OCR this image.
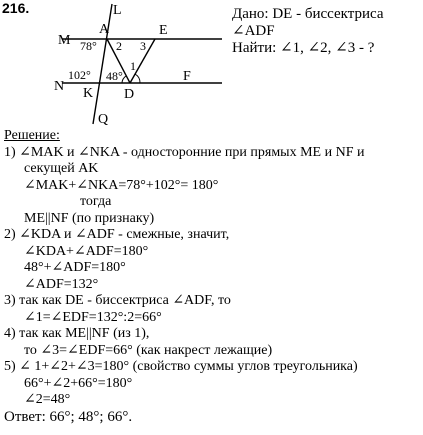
216.	L
M
A	E
78° 2 3
N
102° 48°
1
F
K D
Q
Дано: DE - биссектриса
∠ADF
Найти: ∠1, ∠2, ∠3 - ?
Решение:
1) ∠MAK и ∠NKA - односторонние при прямых ME и NF и
секущей AK
∠MAK+∠NKA=78°+102°= 180°
тогда
ME||NF (по признаку)
2) ∠KDA и ∠ADF - смежные, значит,
∠KDA+∠ADF=180°
48°+∠ADF=180°
∠ADF=132°
3) так как DE - биссектриса ∠ADF, то
∠1=∠EDF=132°:2=66°
4) так как ME||NF (из 1),
то ∠3=∠EDF=66° (как накрест лежащие)
5) ∠ 1+∠2+∠3=180° (свойство суммы углов треугольника)
66°+∠2+66°=180°
∠2=48°
Ответ: 66°; 48°; 66°.
